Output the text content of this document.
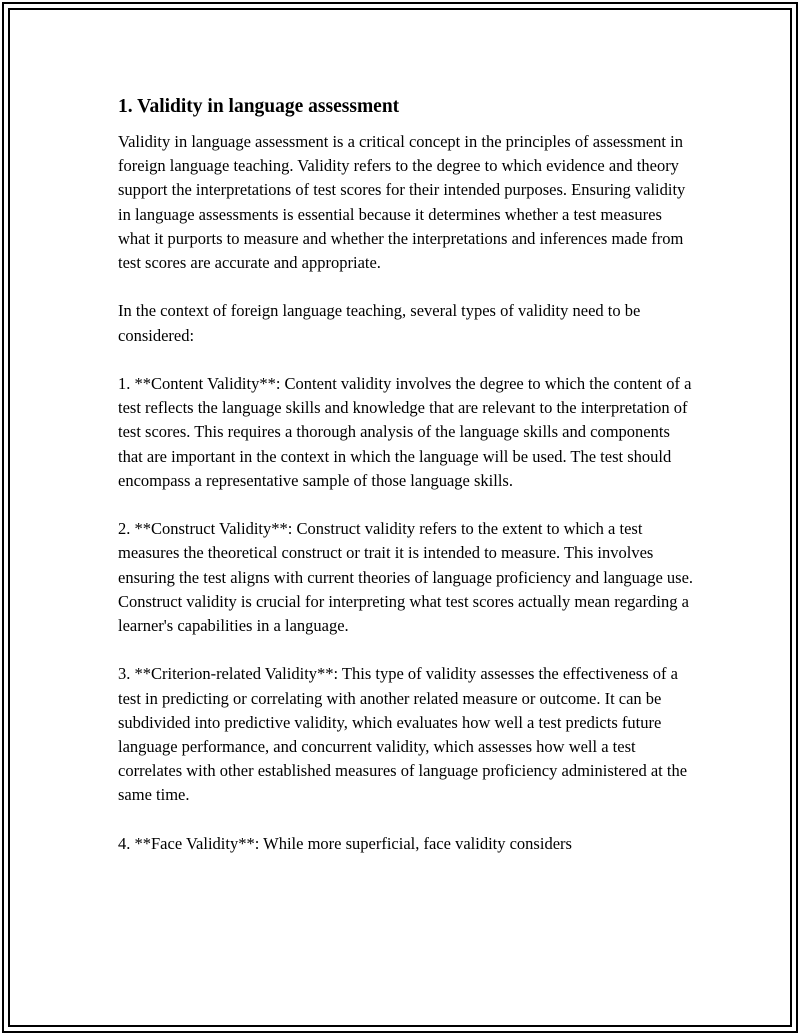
1. Validity in language assessment

Validity in language assessment is a critical concept in the principles of assessment in foreign language teaching. Validity refers to the degree to which evidence and theory support the interpretations of test scores for their intended purposes. Ensuring validity in language assessments is essential because it determines whether a test measures what it purports to measure and whether the interpretations and inferences made from test scores are accurate and appropriate.

In the context of foreign language teaching, several types of validity need to be considered:

1. **Content Validity**: Content validity involves the degree to which the content of a test reflects the language skills and knowledge that are relevant to the interpretation of test scores. This requires a thorough analysis of the language skills and components that are important in the context in which the language will be used. The test should encompass a representative sample of those language skills.

2. **Construct Validity**: Construct validity refers to the extent to which a test measures the theoretical construct or trait it is intended to measure. This involves ensuring the test aligns with current theories of language proficiency and language use. Construct validity is crucial for interpreting what test scores actually mean regarding a learner's capabilities in a language.

3. **Criterion-related Validity**: This type of validity assesses the effectiveness of a test in predicting or correlating with another related measure or outcome. It can be subdivided into predictive validity, which evaluates how well a test predicts future language performance, and concurrent validity, which assesses how well a test correlates with other established measures of language proficiency administered at the same time.

4. **Face Validity**: While more superficial, face validity considers
